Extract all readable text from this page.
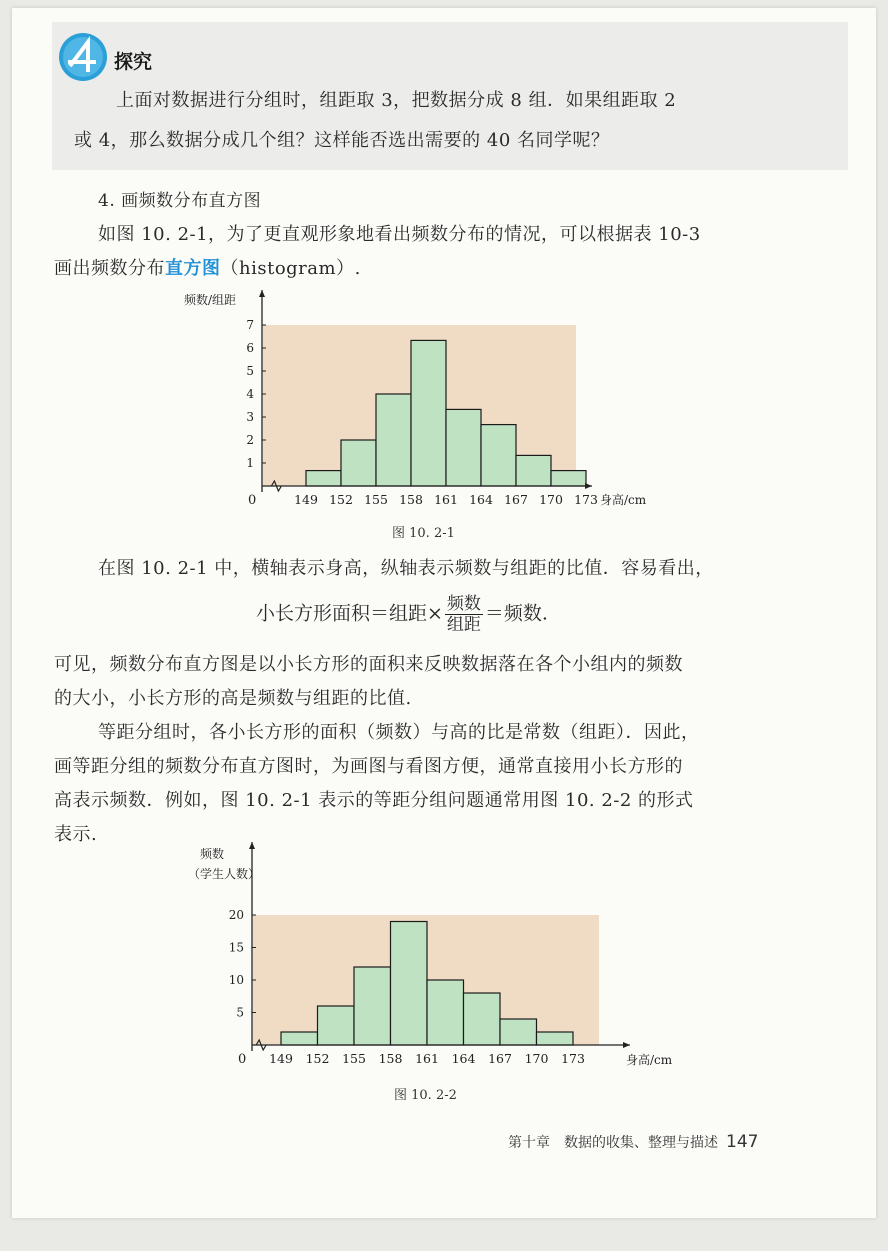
探究
上面对数据进行分组时，组距取 3，把数据分成 8 组．如果组距取 2
或 4，那么数据分成几个组？这样能否选出需要的 40 名同学呢？
4. 画频数分布直方图
如图 10. 2-1，为了更直观形象地看出频数分布的情况，可以根据表 10-3
画出频数分布直方图（histogram）.
0
1
2
3
4
5
6
7
149 152 155 158 161 164 167 170 173 身高/cm
频数/组距
图 10. 2-1
在图 10. 2-1 中，横轴表示身高，纵轴表示频数与组距的比值．容易看出，
小长方形面积＝组距× $\frac{\text{频数}}{\text{组距}}$ ＝频数.
可见，频数分布直方图是以小长方形的面积来反映数据落在各个小组内的频数
的大小，小长方形的高是频数与组距的比值.
等距分组时，各小长方形的面积（频数）与高的比是常数（组距）．因此，
画等距分组的频数分布直方图时，为画图与看图方便，通常直接用小长方形的
高表示频数．例如，图 10. 2-1 表示的等距分组问题通常用图 10. 2-2 的形式
表示.
0
5
10
15
20
149 152 155 158 161 164 167 170 173	身高/cm
频数
（学生人数）
图 10. 2-2
第十章　数据的收集、整理与描述 147
